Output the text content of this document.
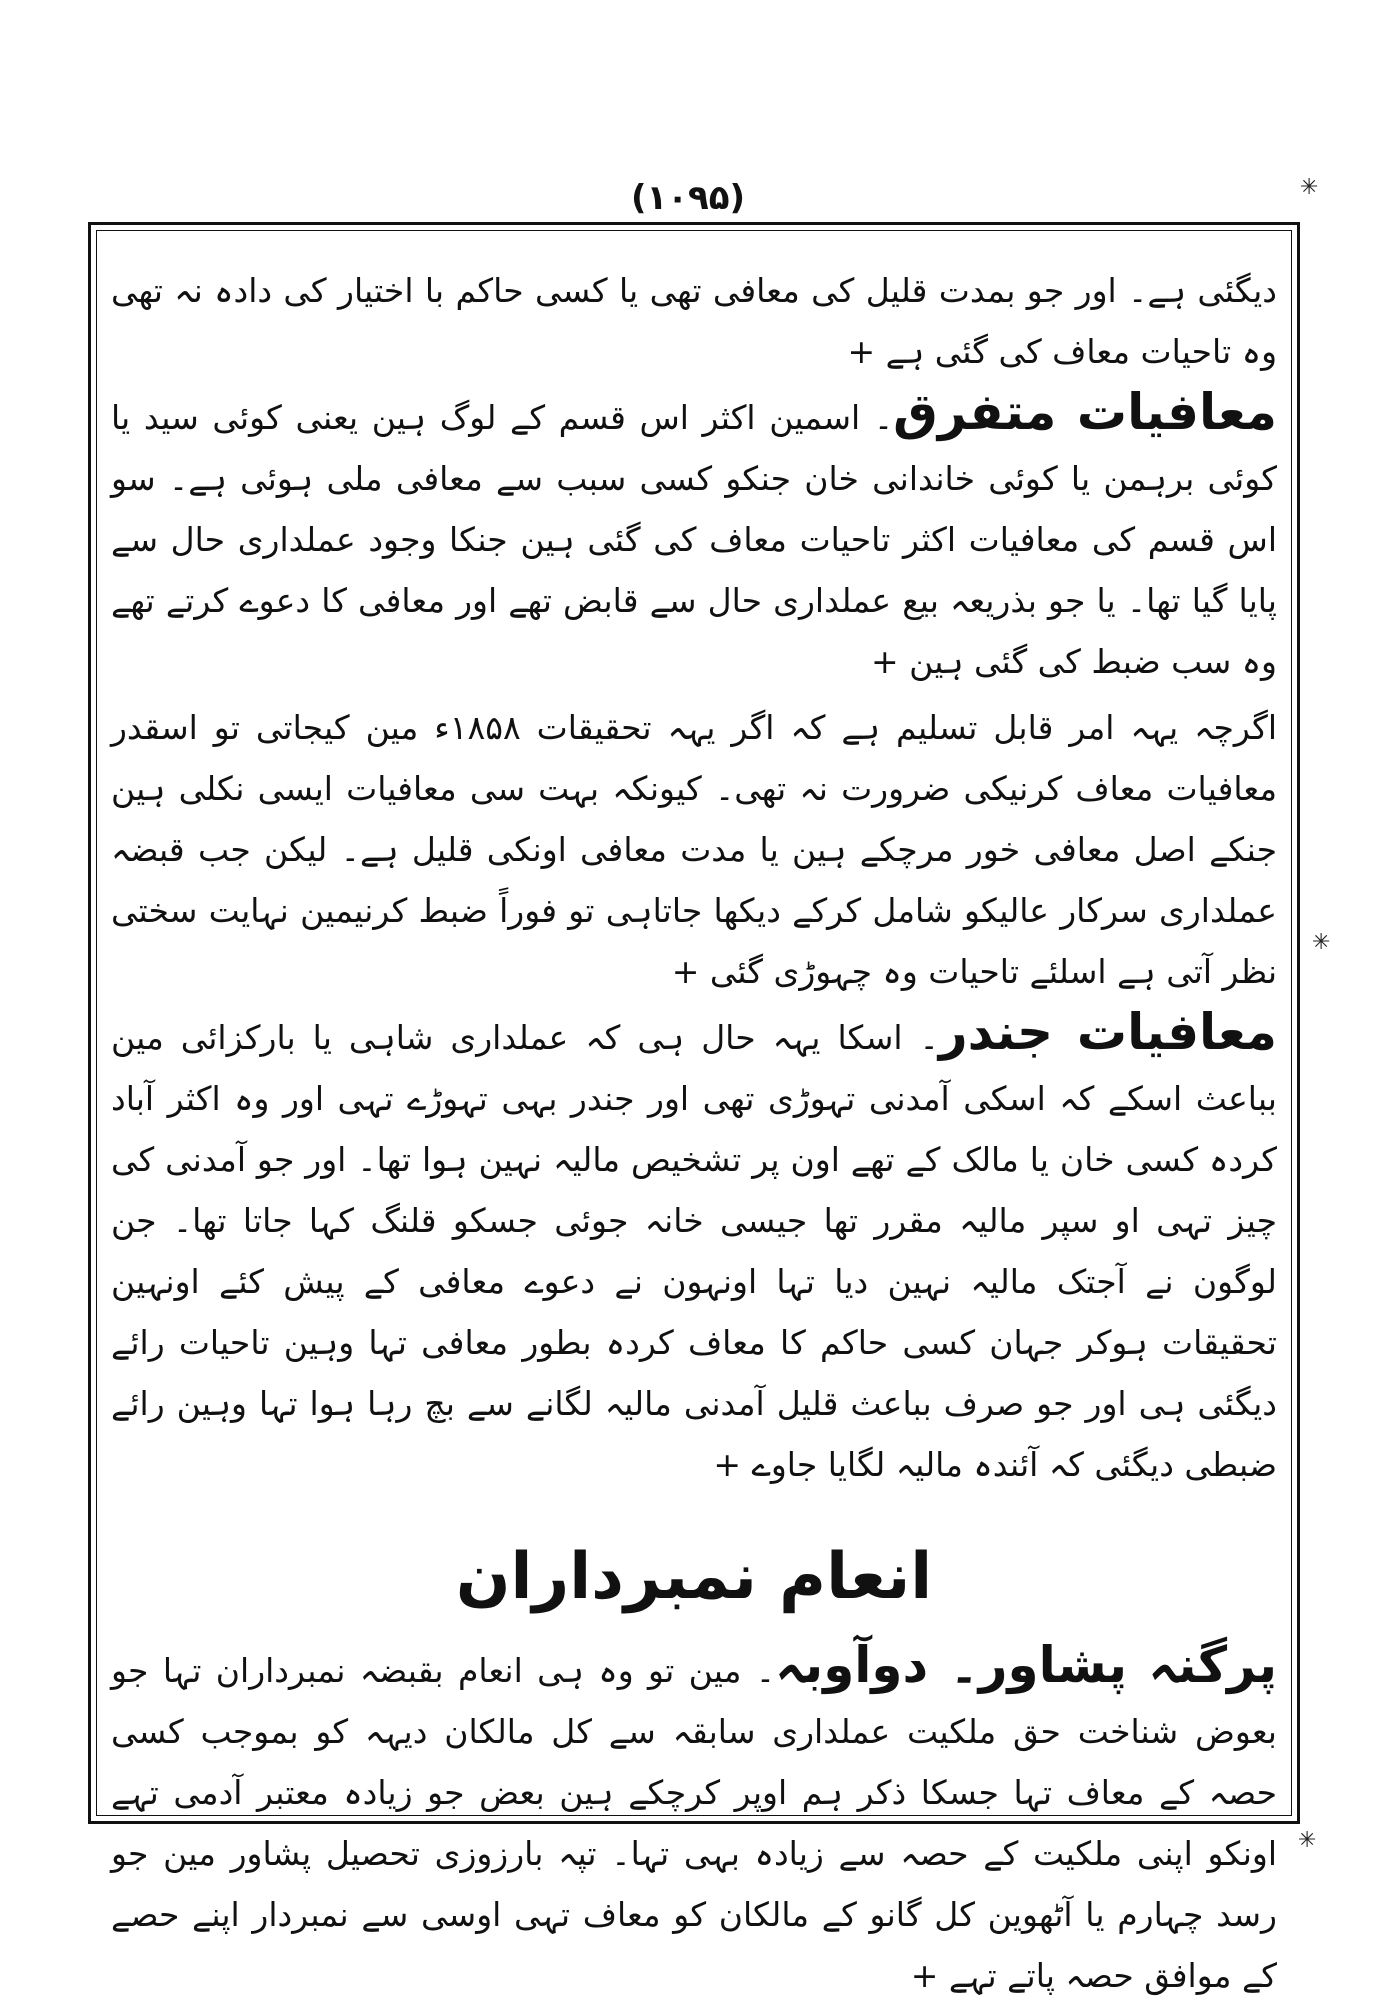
(۱۰۹۵)

دیگئی ہے۔ اور جو بمدت قلیل کی معافی تھی یا کسی حاکم با اختیار کی دادہ نہ تھی وہ تاحیات معاف کی گئی ہے +

معافیات متفرق۔ اسمین اکثر اس قسم کے لوگ ہین یعنی کوئی سید یا کوئی برہمن یا کوئی خاندانی خان جنکو کسی سبب سے معافی ملی ہوئی ہے۔ سو اس قسم کی معافیات اکثر تاحیات معاف کی گئی ہین جنکا وجود عملداری حال سے پایا گیا تھا۔ یا جو بذریعہ بیع عملداری حال سے قابض تھے اور معافی کا دعوے کرتے تھے وہ سب ضبط کی گئی ہین +

اگرچہ یہہ امر قابل تسلیم ہے کہ اگر یہہ تحقیقات ۱۸۵۸ء مین کیجاتی تو اسقدر معافیات معاف کرنیکی ضرورت نہ تھی۔ کیونکہ بہت سی معافیات ایسی نکلی ہین جنکے اصل معافی خور مرچکے ہین یا مدت معافی اونکی قلیل ہے۔ لیکن جب قبضہ عملداری سرکار عالیکو شامل کرکے دیکھا جاتاہی تو فوراً ضبط کرنیمین نہایت سختی نظر آتی ہے اسلئے تاحیات وہ چہوڑی گئی +

معافیات جندر۔ اسکا یہہ حال ہی کہ عملداری شاہی یا بارکزائی مین بباعث اسکے کہ اسکی آمدنی تہوڑی تھی اور جندر بہی تہوڑے تہی اور وہ اکثر آباد کردہ کسی خان یا مالک کے تھے اون پر تشخیص مالیہ نہین ہوا تھا۔ اور جو آمدنی کی چیز تہی او سپر مالیہ مقرر تھا جیسی خانہ جوئی جسکو قلنگ کہا جاتا تھا۔ جن لوگون نے آجتک مالیہ نہین دیا تہا اونہون نے دعوے معافی کے پیش کئے اونہین تحقیقات ہوکر جہان کسی حاکم کا معاف کردہ بطور معافی تہا وہین تاحیات رائے دیگئی ہی اور جو صرف بباعث قلیل آمدنی مالیہ لگانے سے بچ رہا ہوا تہا وہین رائے ضبطی دیگئی کہ آئندہ مالیہ لگایا جاوے +

انعام نمبرداران

پرگنہ پشاور۔ دوآوبہ۔ مین تو وہ ہی انعام بقبضہ نمبرداران تہا جو بعوض شناخت حق ملکیت عملداری سابقہ سے کل مالکان دیہہ کو بموجب کسی حصہ کے معاف تہا جسکا ذکر ہم اوپر کرچکے ہین بعض جو زیادہ معتبر آدمی تہے اونکو اپنی ملکیت کے حصہ سے زیادہ بہی تہا۔ تپہ بارزوزی تحصیل پشاور مین جو رسد چہارم یا آٹھوین کل گانو کے مالکان کو معاف تہی اوسی سے نمبردار اپنے حصے کے موافق حصہ پاتے تہے +

✳
✳
✳
